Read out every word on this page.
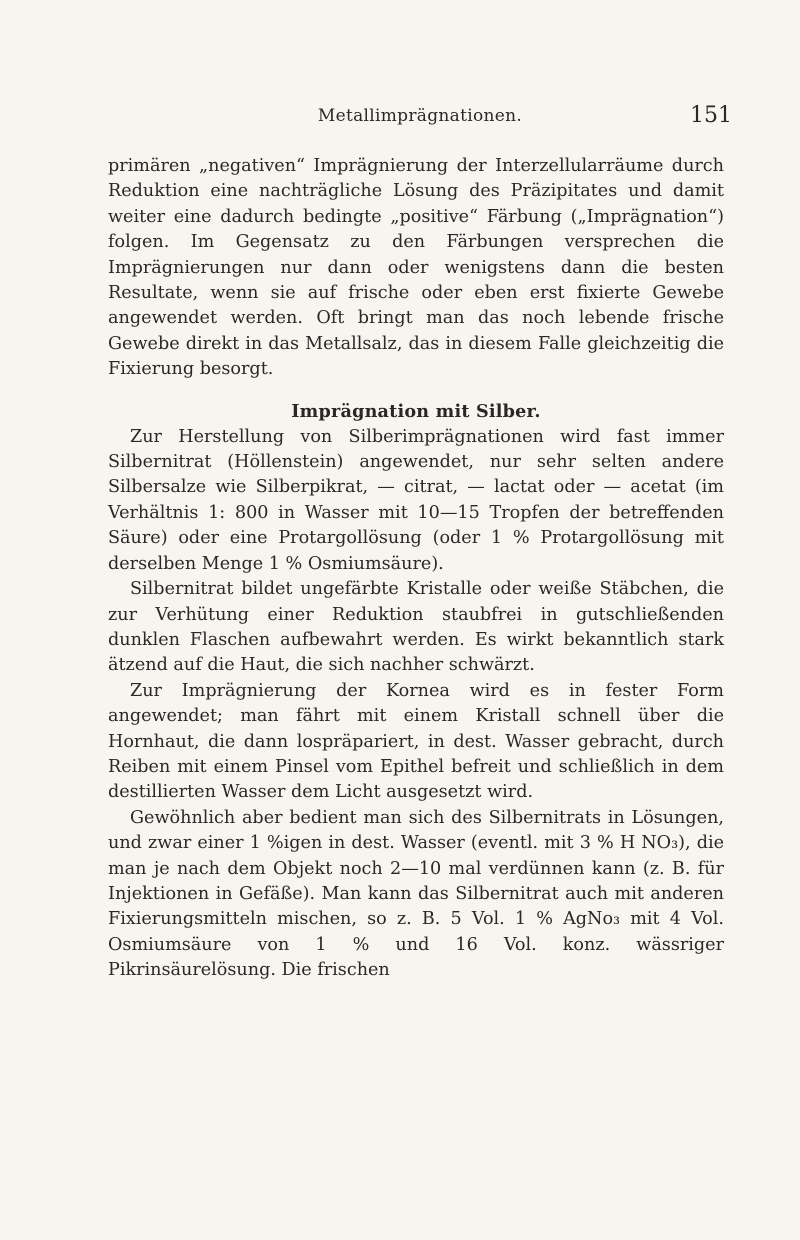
Metallimprägnationen.	151

primären „negativen“ Imprägnierung der Interzellularräume durch Reduktion eine nachträgliche Lösung des Präzipitates und damit weiter eine dadurch bedingte „positive“ Färbung („Imprägnation“) folgen. Im Gegensatz zu den Färbungen versprechen die Imprägnierungen nur dann oder wenigstens dann die besten Resultate, wenn sie auf frische oder eben erst fixierte Gewebe angewendet werden. Oft bringt man das noch lebende frische Gewebe direkt in das Metallsalz, das in diesem Falle gleichzeitig die Fixierung besorgt.

Imprägnation mit Silber.

Zur Herstellung von Silberimprägnationen wird fast immer Silbernitrat (Höllenstein) angewendet, nur sehr selten andere Silbersalze wie Silberpikrat, — citrat, — lactat oder — acetat (im Verhältnis 1: 800 in Wasser mit 10—15 Tropfen der betreffenden Säure) oder eine Protargollösung (oder 1 % Protargollösung mit derselben Menge 1 % Osmiumsäure).

Silbernitrat bildet ungefärbte Kristalle oder weiße Stäbchen, die zur Verhütung einer Reduktion staubfrei in gutschließenden dunklen Flaschen aufbewahrt werden. Es wirkt bekanntlich stark ätzend auf die Haut, die sich nachher schwärzt.

Zur Imprägnierung der Kornea wird es in fester Form angewendet; man fährt mit einem Kristall schnell über die Hornhaut, die dann lospräpariert, in dest. Wasser gebracht, durch Reiben mit einem Pinsel vom Epithel befreit und schließlich in dem destillierten Wasser dem Licht ausgesetzt wird.

Gewöhnlich aber bedient man sich des Silbernitrats in Lösungen, und zwar einer 1 %igen in dest. Wasser (eventl. mit 3 % H NO₃), die man je nach dem Objekt noch 2—10 mal verdünnen kann (z. B. für Injektionen in Gefäße). Man kann das Silbernitrat auch mit anderen Fixierungsmitteln mischen, so z. B. 5 Vol. 1 % AgNo₃ mit 4 Vol. Osmiumsäure von 1 % und 16 Vol. konz. wässriger Pikrinsäurelösung. Die frischen
